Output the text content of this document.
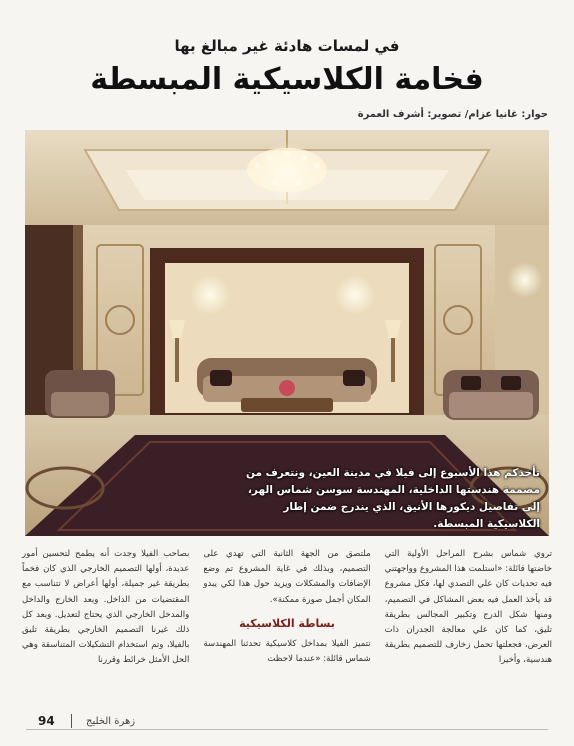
في لمسات هادئة غير مبالغ بها
فخامة الكلاسيكية المبسطة
حوار: غانيا عزام/ تصوير: أشرف العمرة
تأخذكم هذا الأسبوع إلى فيلا في مدينة العين، ونتعرف من مصممة هندستها الداخلية، المهندسة سوسن شماس الهر، إلى تفاصيل ديكورها الأنيق، الذي يندرج ضمن إطار الكلاسيكية المبسطة.
تروي شماس بشرح المراحل الأولية التي خاضتها قائلة: «استلمت هذا المشروع وواجهتني فيه تحديات كان علي التصدي لها، فكل مشروع قد يأخذ العمل فيه بعض المشاكل في التصميم، ومنها شكل الدرج وتكبير المجالس بطريقة تليق، كما كان علي معالجة الجدران ذات العرض، فجعلتها تحمل زخارف للتصميم بطريقة هندسية، وأخيرا
ملتصق من الجهة الثانية التي تهدي على التصميم، وبذلك في غاية المشروع تم وضع الإضافات والمشكلات ويزيد حول هذا لكي يبدو المكان أجمل صورة ممكنة».
بساطة الكلاسيكية
تتميز الفيلا بمداخل كلاسيكية تحدثنا المهندسة شماس قائلة: «عندما لاحظت
بصاحب الفيلا وجدت أنه يطمح لتحسين أمور عديدة، أولها التصميم الخارجي الذي كان فخماً بطريقة غير جميلة، أولها أعراض لا تتناسب مع المقتضيات من الداخل. وبعد الخارج والداخل والمدخل الخارجي الذي يحتاج لتعديل. وبعد كل ذلك غيرنا التصميم الخارجي بطريقة تليق بالفيلا، وتم استخدام التشكيلات المتناسقة وهي الحل الأمثل خرائط وقررنا
94	زهرة الخليج
